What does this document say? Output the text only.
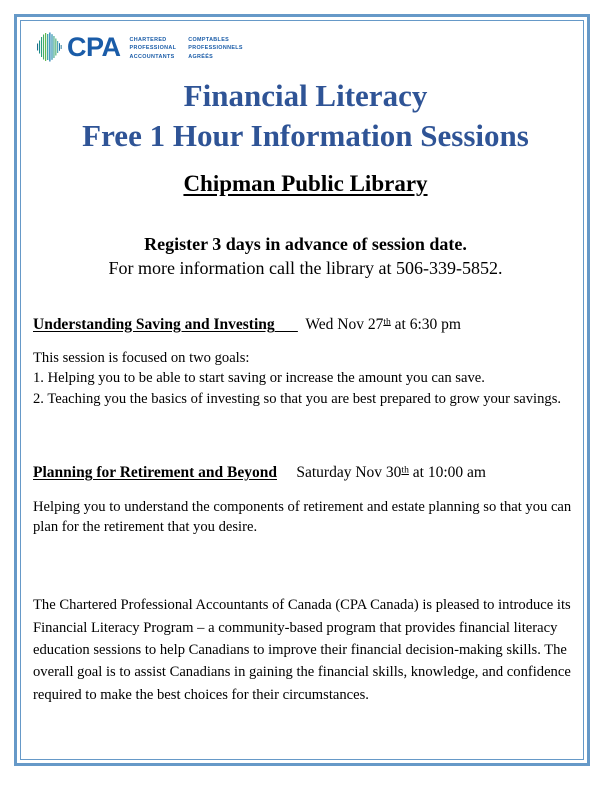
CPA CHARTERED
PROFESSIONAL
ACCOUNTANTS
COMPTABLES
PROFESSIONNELS
AGRÉÉS
Financial Literacy
Free 1 Hour Information Sessions
Chipman Public Library
Register 3 days in advance of session date.
For more information call the library at 506-339-5852.
Understanding Saving and Investing Wed Nov 27th at 6:30 pm
This session is focused on two goals:
1. Helping you to be able to start saving or increase the amount you can save.
2. Teaching you the basics of investing so that you are best prepared to grow your savings.
Planning for Retirement and Beyond Saturday Nov 30th at 10:00 am
Helping you to understand the components of retirement and estate planning so that you can plan for the retirement that you desire.
The Chartered Professional Accountants of Canada (CPA Canada) is pleased to introduce its Financial Literacy Program – a community-based program that provides financial literacy education sessions to help Canadians to improve their financial decision-making skills. The overall goal is to assist Canadians in gaining the financial skills, knowledge, and confidence required to make the best choices for their circumstances.
